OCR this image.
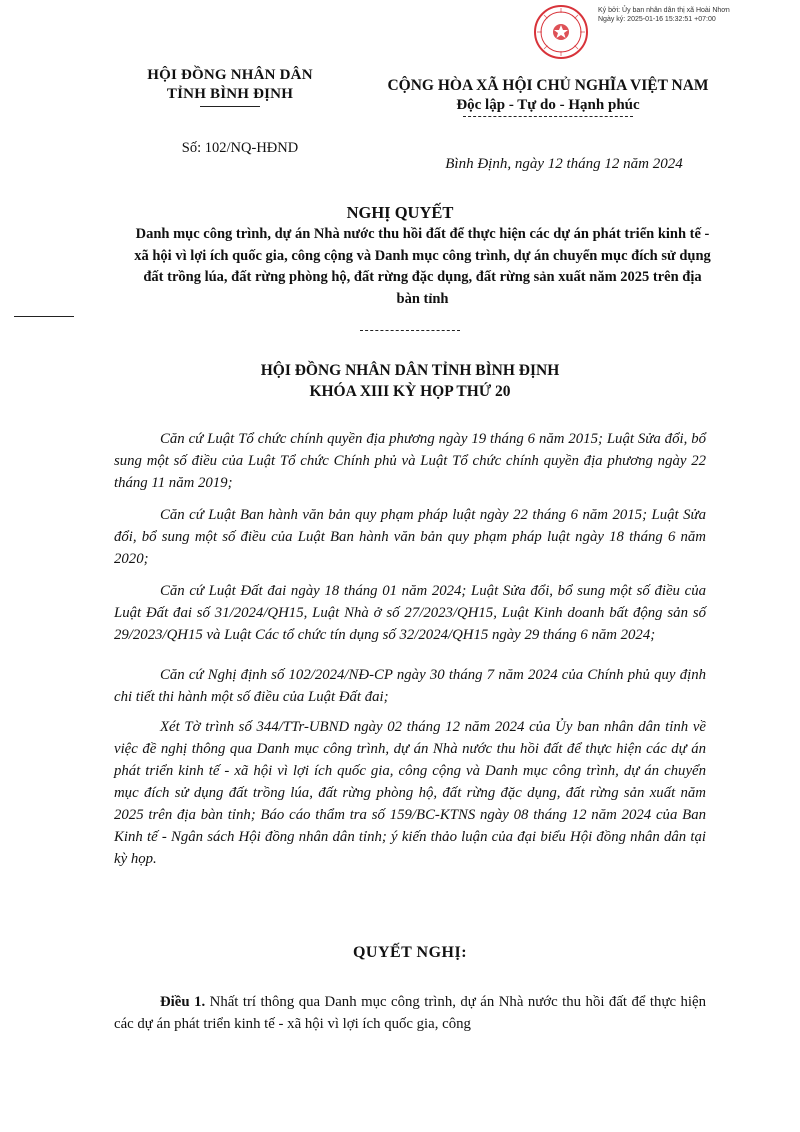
Ký bởi: Ủy ban nhân dân thị xã Hoài Nhơn
Ngày ký: 2025-01-16 15:32:51 +07:00
HỘI ĐỒNG NHÂN DÂN
TỈNH BÌNH ĐỊNH
Số: 102/NQ-HĐND
CỘNG HÒA XÃ HỘI CHỦ NGHĨA VIỆT NAM
Độc lập - Tự do - Hạnh phúc
Bình Định, ngày 12 tháng 12 năm 2024
NGHỊ QUYẾT
Danh mục công trình, dự án Nhà nước thu hồi đất để thực hiện các dự án phát triển kinh tế - xã hội vì lợi ích quốc gia, công cộng và Danh mục công trình, dự án chuyển mục đích sử dụng đất trồng lúa, đất rừng phòng hộ, đất rừng đặc dụng, đất rừng sản xuất năm 2025 trên địa bàn tỉnh
HỘI ĐỒNG NHÂN DÂN TỈNH BÌNH ĐỊNH
KHÓA XIII KỲ HỌP THỨ 20
Căn cứ Luật Tổ chức chính quyền địa phương ngày 19 tháng 6 năm 2015; Luật Sửa đổi, bổ sung một số điều của Luật Tổ chức Chính phủ và Luật Tổ chức chính quyền địa phương ngày 22 tháng 11 năm 2019;
Căn cứ Luật Ban hành văn bản quy phạm pháp luật ngày 22 tháng 6 năm 2015; Luật Sửa đổi, bổ sung một số điều của Luật Ban hành văn bản quy phạm pháp luật ngày 18 tháng 6 năm 2020;
Căn cứ Luật Đất đai ngày 18 tháng 01 năm 2024; Luật Sửa đổi, bổ sung một số điều của Luật Đất đai số 31/2024/QH15, Luật Nhà ở số 27/2023/QH15, Luật Kinh doanh bất động sản số 29/2023/QH15 và Luật Các tổ chức tín dụng số 32/2024/QH15 ngày 29 tháng 6 năm 2024;
Căn cứ Nghị định số 102/2024/NĐ-CP ngày 30 tháng 7 năm 2024 của Chính phủ quy định chi tiết thi hành một số điều của Luật Đất đai;
Xét Tờ trình số 344/TTr-UBND ngày 02 tháng 12 năm 2024 của Ủy ban nhân dân tỉnh về việc đề nghị thông qua Danh mục công trình, dự án Nhà nước thu hồi đất để thực hiện các dự án phát triển kinh tế - xã hội vì lợi ích quốc gia, công cộng và Danh mục công trình, dự án chuyển mục đích sử dụng đất trồng lúa, đất rừng phòng hộ, đất rừng đặc dụng, đất rừng sản xuất năm 2025 trên địa bàn tỉnh; Báo cáo thẩm tra số 159/BC-KTNS ngày 08 tháng 12 năm 2024 của Ban Kinh tế - Ngân sách Hội đồng nhân dân tỉnh; ý kiến thảo luận của đại biểu Hội đồng nhân dân tại kỳ họp.
QUYẾT NGHỊ:
Điều 1. Nhất trí thông qua Danh mục công trình, dự án Nhà nước thu hồi đất để thực hiện các dự án phát triển kinh tế - xã hội vì lợi ích quốc gia, công
